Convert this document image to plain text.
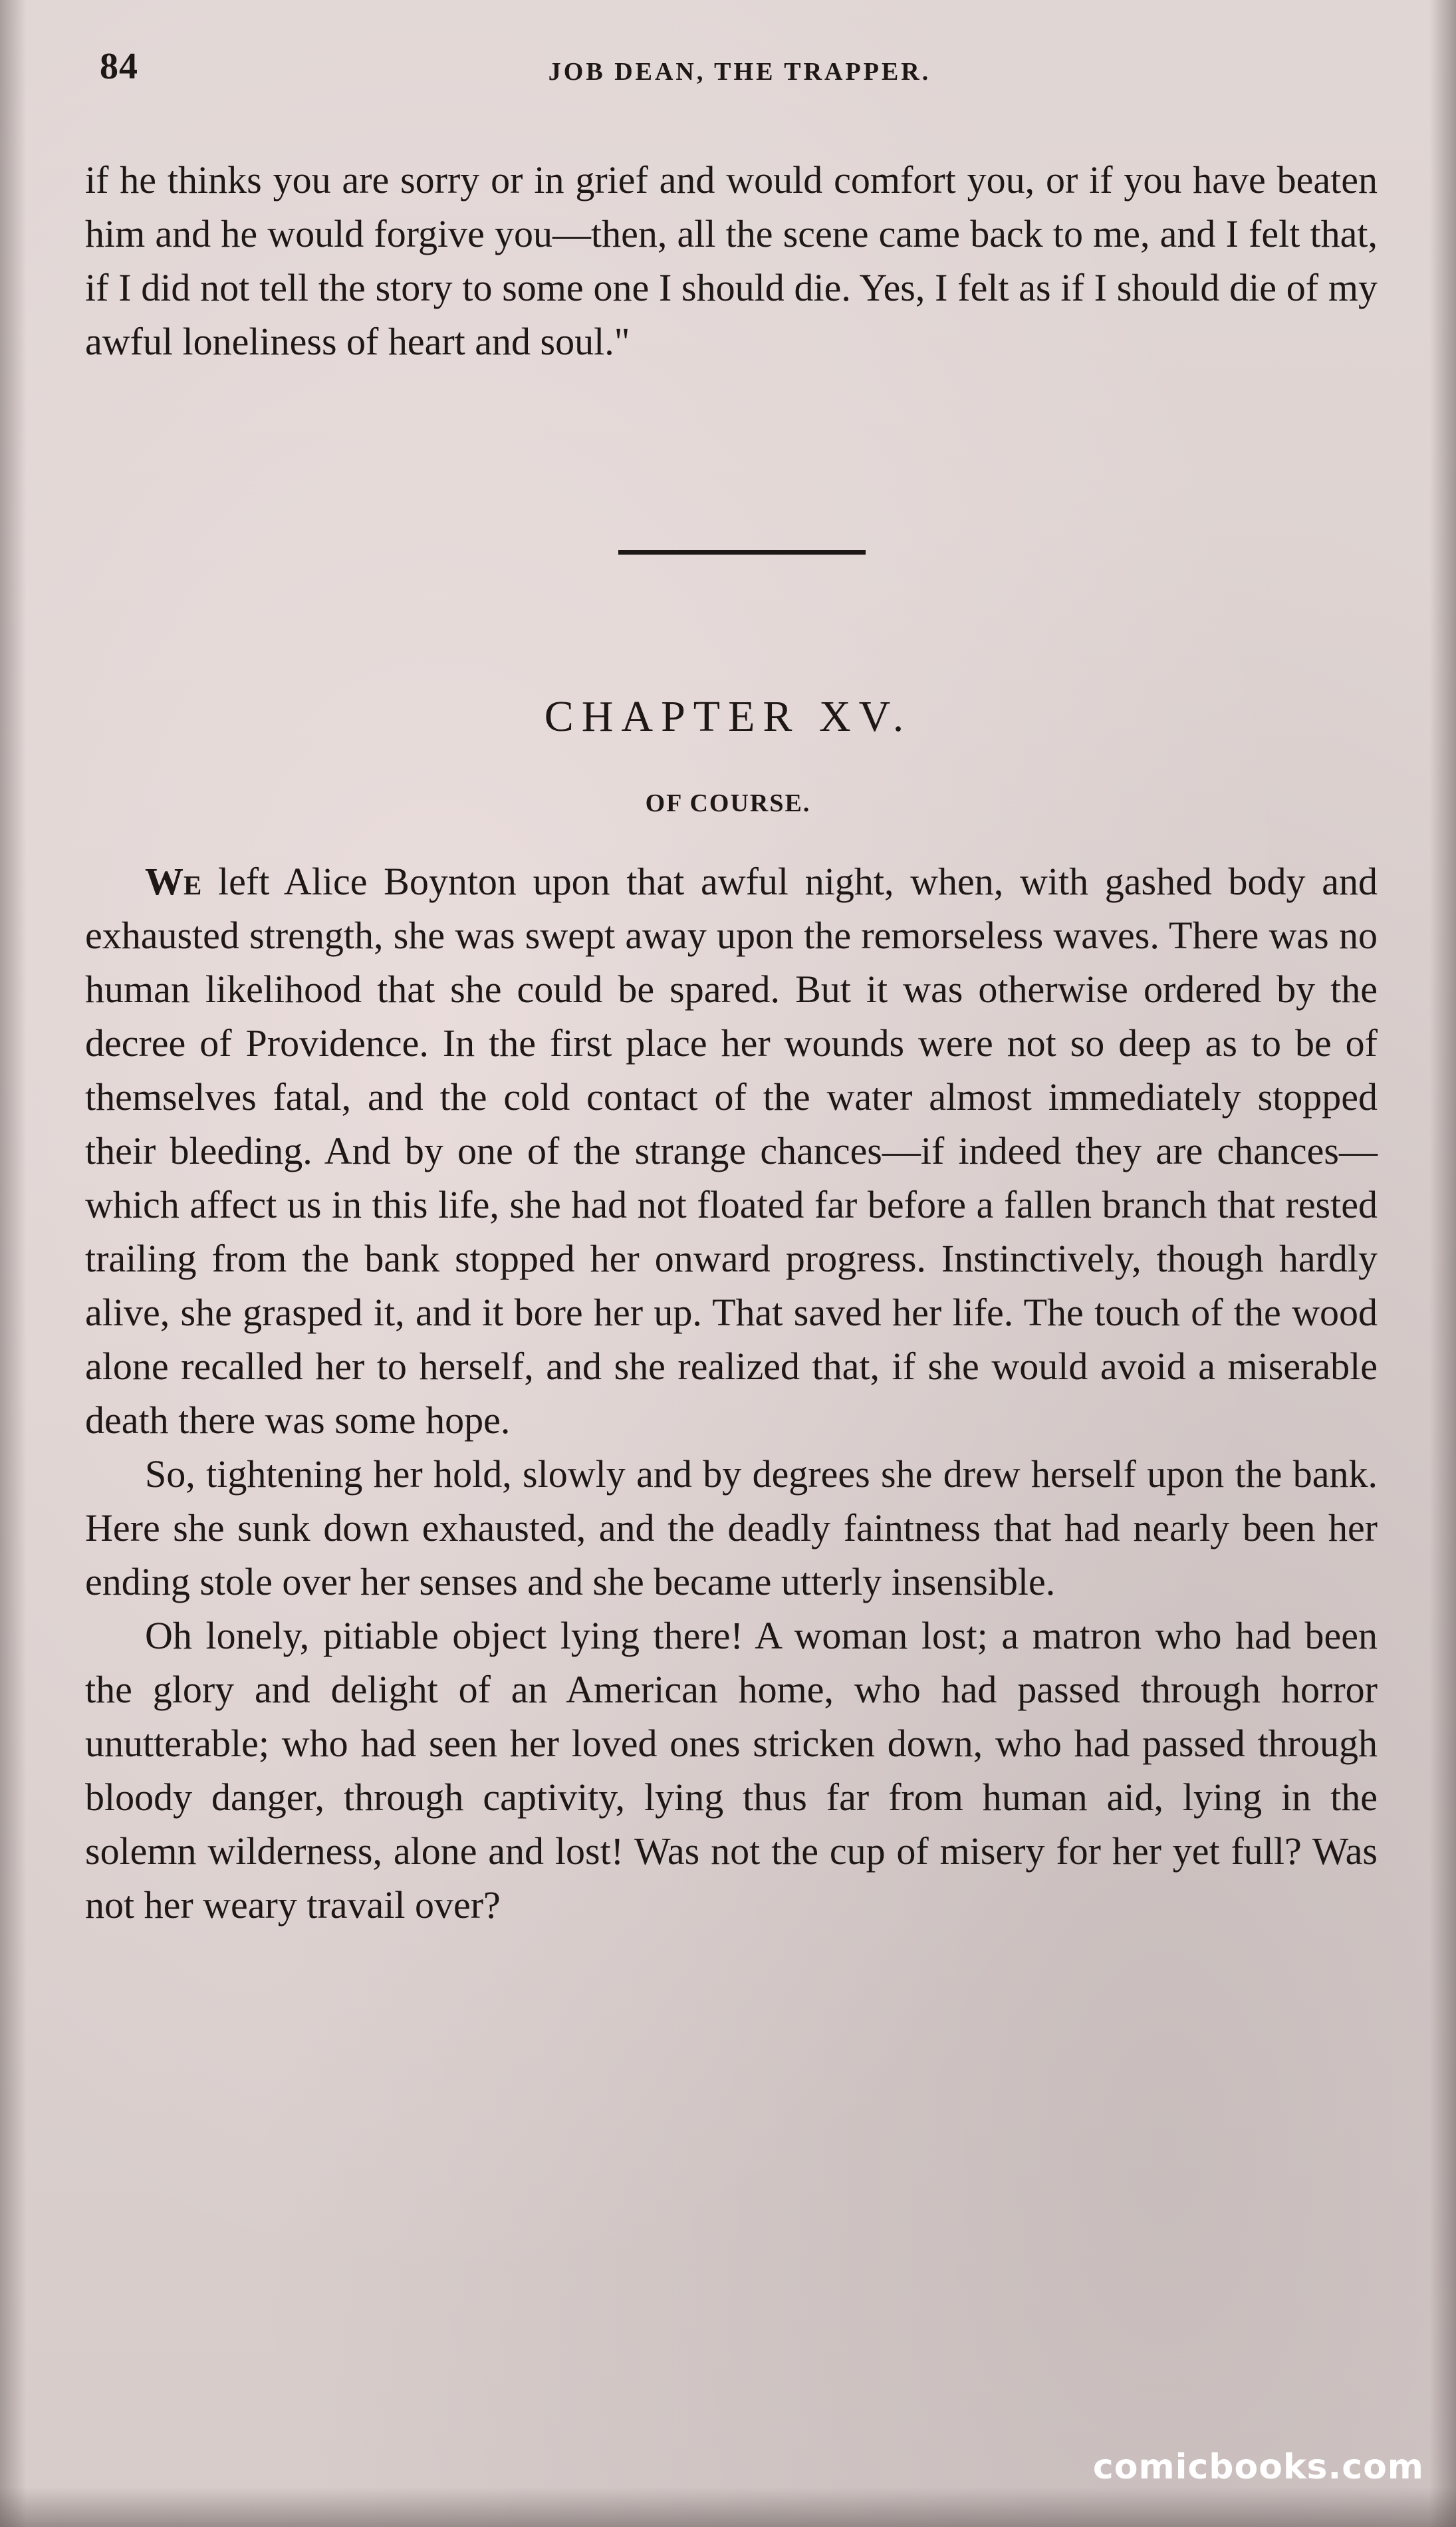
84	JOB DEAN, THE TRAPPER.

if he thinks you are sorry or in grief and would comfort you, or if you have beaten him and he would forgive you—then, all the scene came back to me, and I felt that, if I did not tell the story to some one I should die. Yes, I felt as if I should die of my awful loneliness of heart and soul."

CHAPTER XV.
OF COURSE.

We left Alice Boynton upon that awful night, when, with gashed body and exhausted strength, she was swept away upon the remorseless waves. There was no human likelihood that she could be spared. But it was otherwise ordered by the decree of Providence. In the first place her wounds were not so deep as to be of themselves fatal, and the cold contact of the water almost immediately stopped their bleeding. And by one of the strange chances—if indeed they are chances—which affect us in this life, she had not floated far before a fallen branch that rested trailing from the bank stopped her onward progress. Instinctively, though hardly alive, she grasped it, and it bore her up. That saved her life. The touch of the wood alone recalled her to herself, and she realized that, if she would avoid a miserable death there was some hope.

So, tightening her hold, slowly and by degrees she drew herself upon the bank. Here she sunk down exhausted, and the deadly faintness that had nearly been her ending stole over her senses and she became utterly insensible.

Oh lonely, pitiable object lying there! A woman lost; a matron who had been the glory and delight of an American home, who had passed through horror unutterable; who had seen her loved ones stricken down, who had passed through bloody danger, through captivity, lying thus far from human aid, lying in the solemn wilderness, alone and lost! Was not the cup of misery for her yet full? Was not her weary travail over?

comicbooks.com
